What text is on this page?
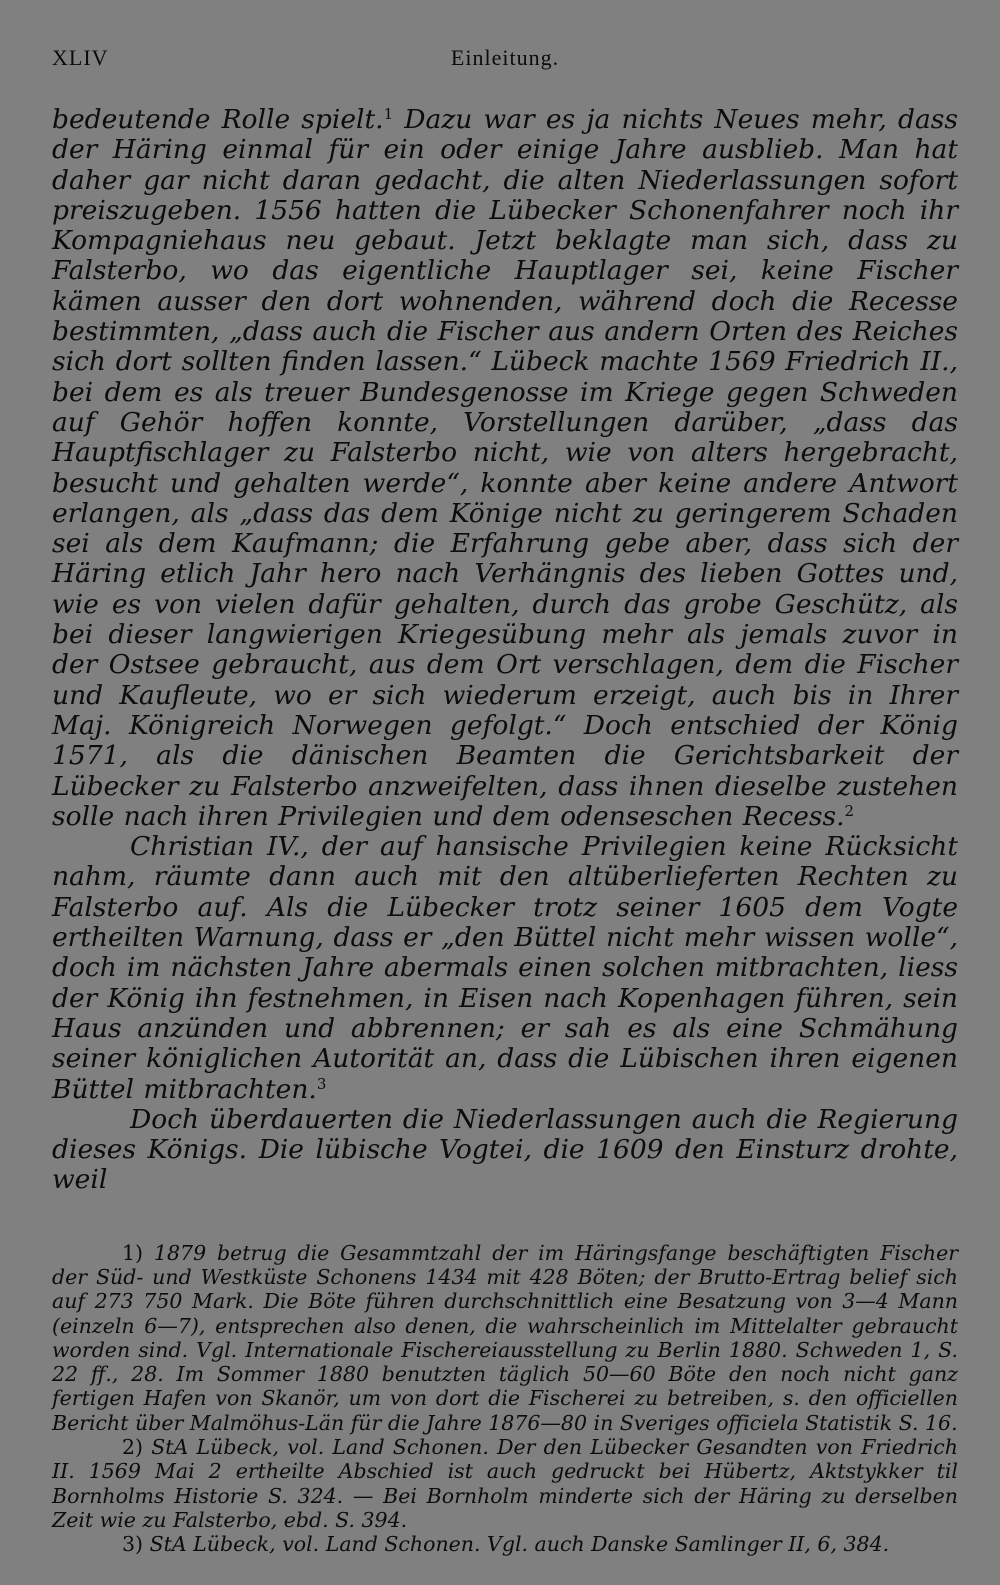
XLIV	Einleitung.

bedeutende Rolle spielt.$^1$ Dazu war es ja nichts Neues mehr, dass der Häring einmal für ein oder einige Jahre ausblieb. Man hat daher gar nicht daran gedacht, die alten Niederlassungen sofort preiszugeben. 1556 hatten die Lübecker Schonenfahrer noch ihr Kompagniehaus neu gebaut. Jetzt beklagte man sich, dass zu Falsterbo, wo das eigentliche Hauptlager sei, keine Fischer kämen ausser den dort wohnenden, während doch die Recesse bestimmten, „dass auch die Fischer aus andern Orten des Reiches sich dort sollten finden lassen.“ Lübeck machte 1569 Friedrich II., bei dem es als treuer Bundesgenosse im Kriege gegen Schweden auf Gehör hoffen konnte, Vorstellungen darüber, „dass das Hauptfischlager zu Falsterbo nicht, wie von alters hergebracht, besucht und gehalten werde“, konnte aber keine andere Antwort erlangen, als „dass das dem Könige nicht zu geringerem Schaden sei als dem Kaufmann; die Erfahrung gebe aber, dass sich der Häring etlich Jahr hero nach Verhängnis des lieben Gottes und, wie es von vielen dafür gehalten, durch das grobe Geschütz, als bei dieser langwierigen Kriegesübung mehr als jemals zuvor in der Ostsee gebraucht, aus dem Ort verschlagen, dem die Fischer und Kaufleute, wo er sich wiederum erzeigt, auch bis in Ihrer Maj. Königreich Norwegen gefolgt.“ Doch entschied der König 1571, als die dänischen Beamten die Gerichtsbarkeit der Lübecker zu Falsterbo anzweifelten, dass ihnen dieselbe zustehen solle nach ihren Privilegien und dem odenseschen Recess.$^2$

Christian IV., der auf hansische Privilegien keine Rücksicht nahm, räumte dann auch mit den altüberlieferten Rechten zu Falsterbo auf. Als die Lübecker trotz seiner 1605 dem Vogte ertheilten Warnung, dass er „den Büttel nicht mehr wissen wolle“, doch im nächsten Jahre abermals einen solchen mitbrachten, liess der König ihn festnehmen, in Eisen nach Kopenhagen führen, sein Haus anzünden und abbrennen; er sah es als eine Schmähung seiner königlichen Autorität an, dass die Lübischen ihren eigenen Büttel mitbrachten.$^3$

Doch überdauerten die Niederlassungen auch die Regierung dieses Königs. Die lübische Vogtei, die 1609 den Einsturz drohte, weil

1) 1879 betrug die Gesammtzahl der im Häringsfange beschäftigten Fischer der Süd- und Westküste Schonens 1434 mit 428 Böten; der Brutto-Ertrag belief sich auf 273 750 Mark. Die Böte führen durchschnittlich eine Besatzung von 3—4 Mann (einzeln 6—7), entsprechen also denen, die wahrscheinlich im Mittelalter gebraucht worden sind. Vgl. Internationale Fischereiausstellung zu Berlin 1880. Schweden 1, S. 22 ff., 28. Im Sommer 1880 benutzten täglich 50—60 Böte den noch nicht ganz fertigen Hafen von Skanör, um von dort die Fischerei zu betreiben, s. den officiellen Bericht über Malmöhus-Län für die Jahre 1876—80 in Sveriges officiela Statistik S. 16.

2) StA Lübeck, vol. Land Schonen. Der den Lübecker Gesandten von Friedrich II. 1569 Mai 2 ertheilte Abschied ist auch gedruckt bei Hübertz, Aktstykker til Bornholms Historie S. 324. — Bei Bornholm minderte sich der Häring zu derselben Zeit wie zu Falsterbo, ebd. S. 394.

3) StA Lübeck, vol. Land Schonen. Vgl. auch Danske Samlinger II, 6, 384.
